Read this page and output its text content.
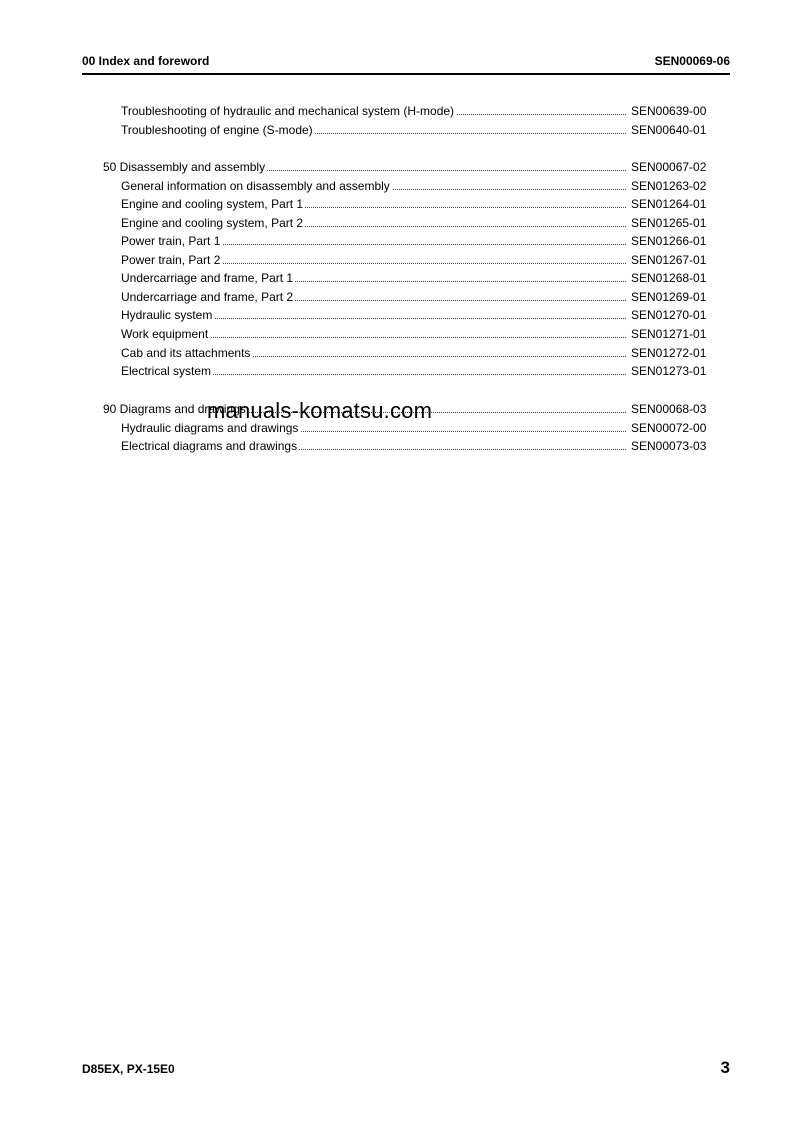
00 Index and foreword	SEN00069-06
Troubleshooting of hydraulic and mechanical system (H-mode)	SEN00639-00
Troubleshooting of engine (S-mode)	SEN00640-01
50 Disassembly and assembly	SEN00067-02
General information on disassembly and assembly	SEN01263-02
Engine and cooling system, Part 1	SEN01264-01
Engine and cooling system, Part 2	SEN01265-01
Power train, Part 1	SEN01266-01
Power train, Part 2	SEN01267-01
Undercarriage and frame, Part 1	SEN01268-01
Undercarriage and frame, Part 2	SEN01269-01
Hydraulic system	SEN01270-01
Work equipment	SEN01271-01
Cab and its attachments	SEN01272-01
Electrical system	SEN01273-01
90 Diagrams and drawings	SEN00068-03
Hydraulic diagrams and drawings	SEN00072-00
Electrical diagrams and drawings	SEN00073-03
manuals-komatsu.com
D85EX, PX-15E0	3
